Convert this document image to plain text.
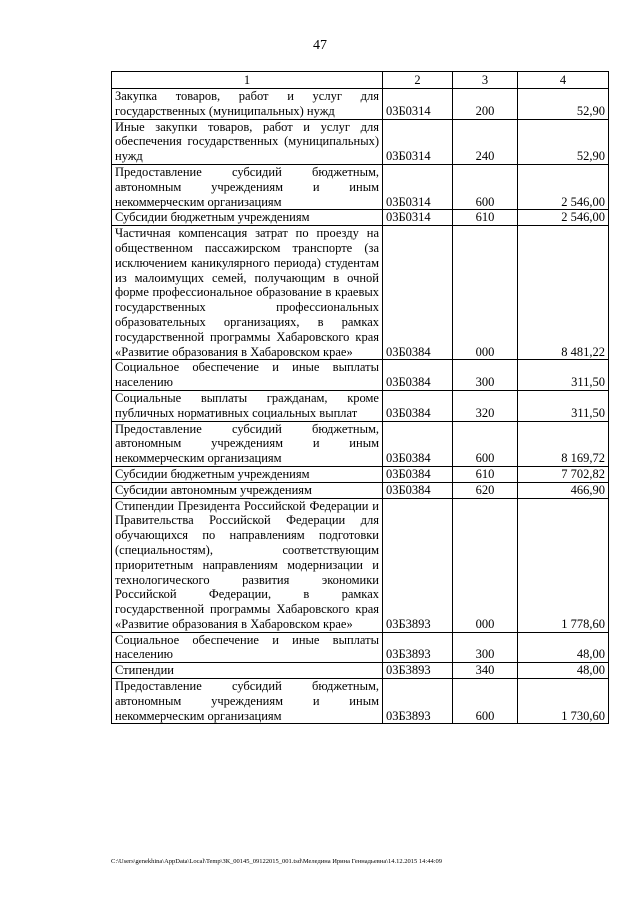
47
1	2	3	4
Закупка товаров, работ и услуг для государственных (муниципальных) нужд	03Б0314	200	52,90
Иные закупки товаров, работ и услуг для обеспечения государственных (муниципальных) нужд	03Б0314	240	52,90
Предоставление субсидий бюджетным, автономным учреждениям и иным некоммерческим организациям	03Б0314	600	2 546,00
Субсидии бюджетным учреждениям	03Б0314	610	2 546,00
Частичная компенсация затрат по проезду на общественном пассажирском транспорте (за исключением каникулярного периода) студентам из малоимущих семей, получающим в очной форме профессиональное образование в краевых государственных профессиональных образовательных организациях, в рамках государственной программы Хабаровского края «Развитие образования в Хабаровском крае»	03Б0384	000	8 481,22
Социальное обеспечение и иные выплаты населению	03Б0384	300	311,50
Социальные выплаты гражданам, кроме публичных нормативных социальных выплат	03Б0384	320	311,50
Предоставление субсидий бюджетным, автономным учреждениям и иным некоммерческим организациям	03Б0384	600	8 169,72
Субсидии бюджетным учреждениям	03Б0384	610	7 702,82
Субсидии автономным учреждениям	03Б0384	620	466,90
Стипендии Президента Российской Федерации и Правительства Российской Федерации для обучающихся по направлениям подготовки (специальностям), соответствующим приоритетным направлениям модернизации и технологического развития экономики Российской Федерации, в рамках государственной программы Хабаровского края «Развитие образования в Хабаровском крае»	03Б3893	000	1 778,60
Социальное обеспечение и иные выплаты населению	03Б3893	300	48,00
Стипендии	03Б3893	340	48,00
Предоставление субсидий бюджетным, автономным учреждениям и иным некоммерческим организациям	03Б3893	600	1 730,60
C:\Users\genekhina\AppData\Local\Temp\ЗК_00145_09122015_001.tsd\Меледина Ирина Геннадьевна\14.12.2015 14:44:09
